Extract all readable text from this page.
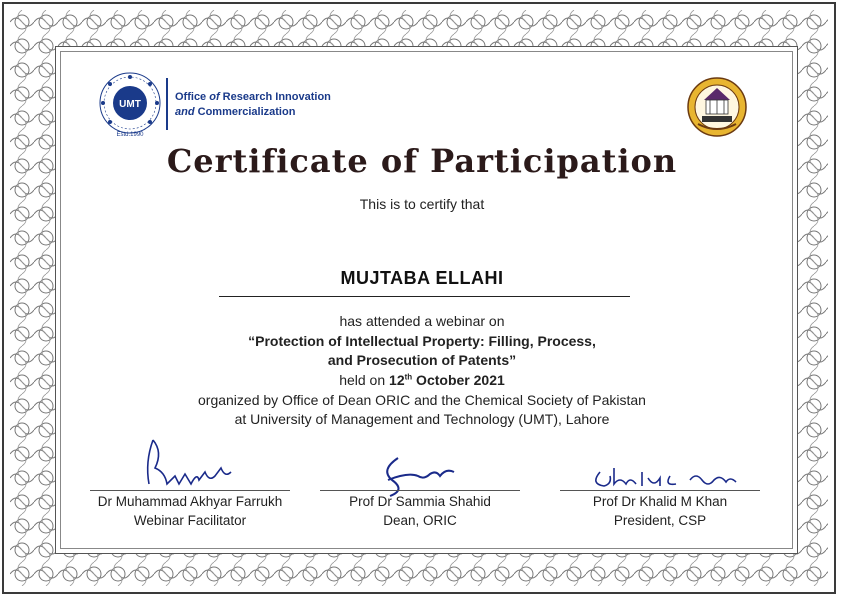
UMT
Estd.1990
Office of Research Innovation
and Commercialization
Certificate of Participation
This is to certify that
MUJTABA ELLAHI
has attended a webinar on
“Protection of Intellectual Property: Filling, Process,
and Prosecution of Patents”
held on 12th October 2021
organized by Office of Dean ORIC and the Chemical Society of Pakistan
at University of Management and Technology (UMT), Lahore
Dr Muhammad Akhyar Farrukh
Webinar Facilitator
Prof Dr Sammia Shahid
Dean, ORIC
Prof Dr Khalid M Khan
President, CSP
